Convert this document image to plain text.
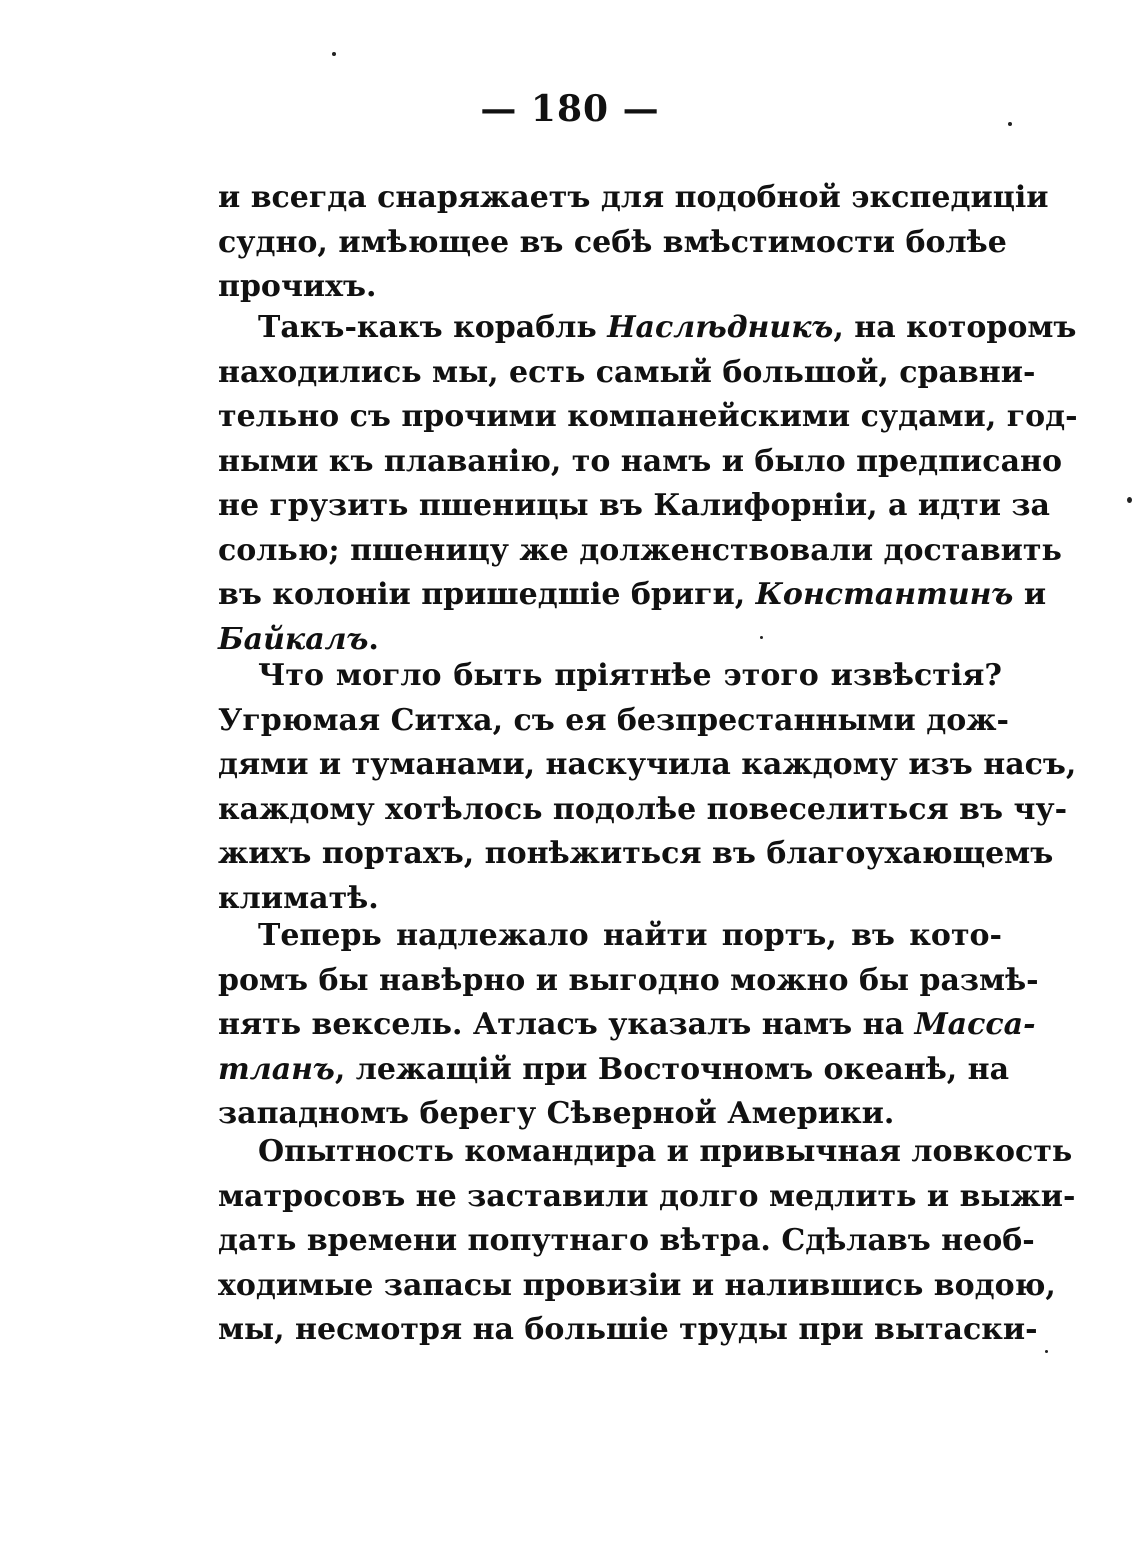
— 180 —
и всегда снаряжаетъ для подобной экспедиціи
судно, имѣющее въ себѣ вмѣстимости болѣе
прочихъ.
Такъ-какъ корабль Наслѣдникъ, на которомъ
находились мы, есть самый большой, сравни-
тельно съ прочими компанейскими судами, год-
ными къ плаванію, то намъ и было предписано
не грузить пшеницы въ Калифорніи, а идти за
солью; пшеницу же долженствовали доставить
въ колоніи пришедшіе бриги, Константинъ и
Байкалъ.
Что могло быть пріятнѣе этого извѣстія?
Угрюмая Ситха, съ ея безпрестанными дож-
дями и туманами, наскучила каждому изъ насъ,
каждому хотѣлось подолѣе повеселиться въ чу-
жихъ портахъ, понѣжиться въ благоухающемъ
климатѣ.
Теперь надлежало найти портъ, въ кото-
ромъ бы навѣрно и выгодно можно бы размѣ-
нять вексель. Атласъ указалъ намъ на Масса-
тланъ, лежащій при Восточномъ океанѣ, на
западномъ берегу Сѣверной Америки.
Опытность командира и привычная ловкость
матросовъ не заставили долго медлить и выжи-
дать времени попутнаго вѣтра. Сдѣлавъ необ-
ходимые запасы провизіи и налившись водою,
мы, несмотря на большіе труды при вытаски-
